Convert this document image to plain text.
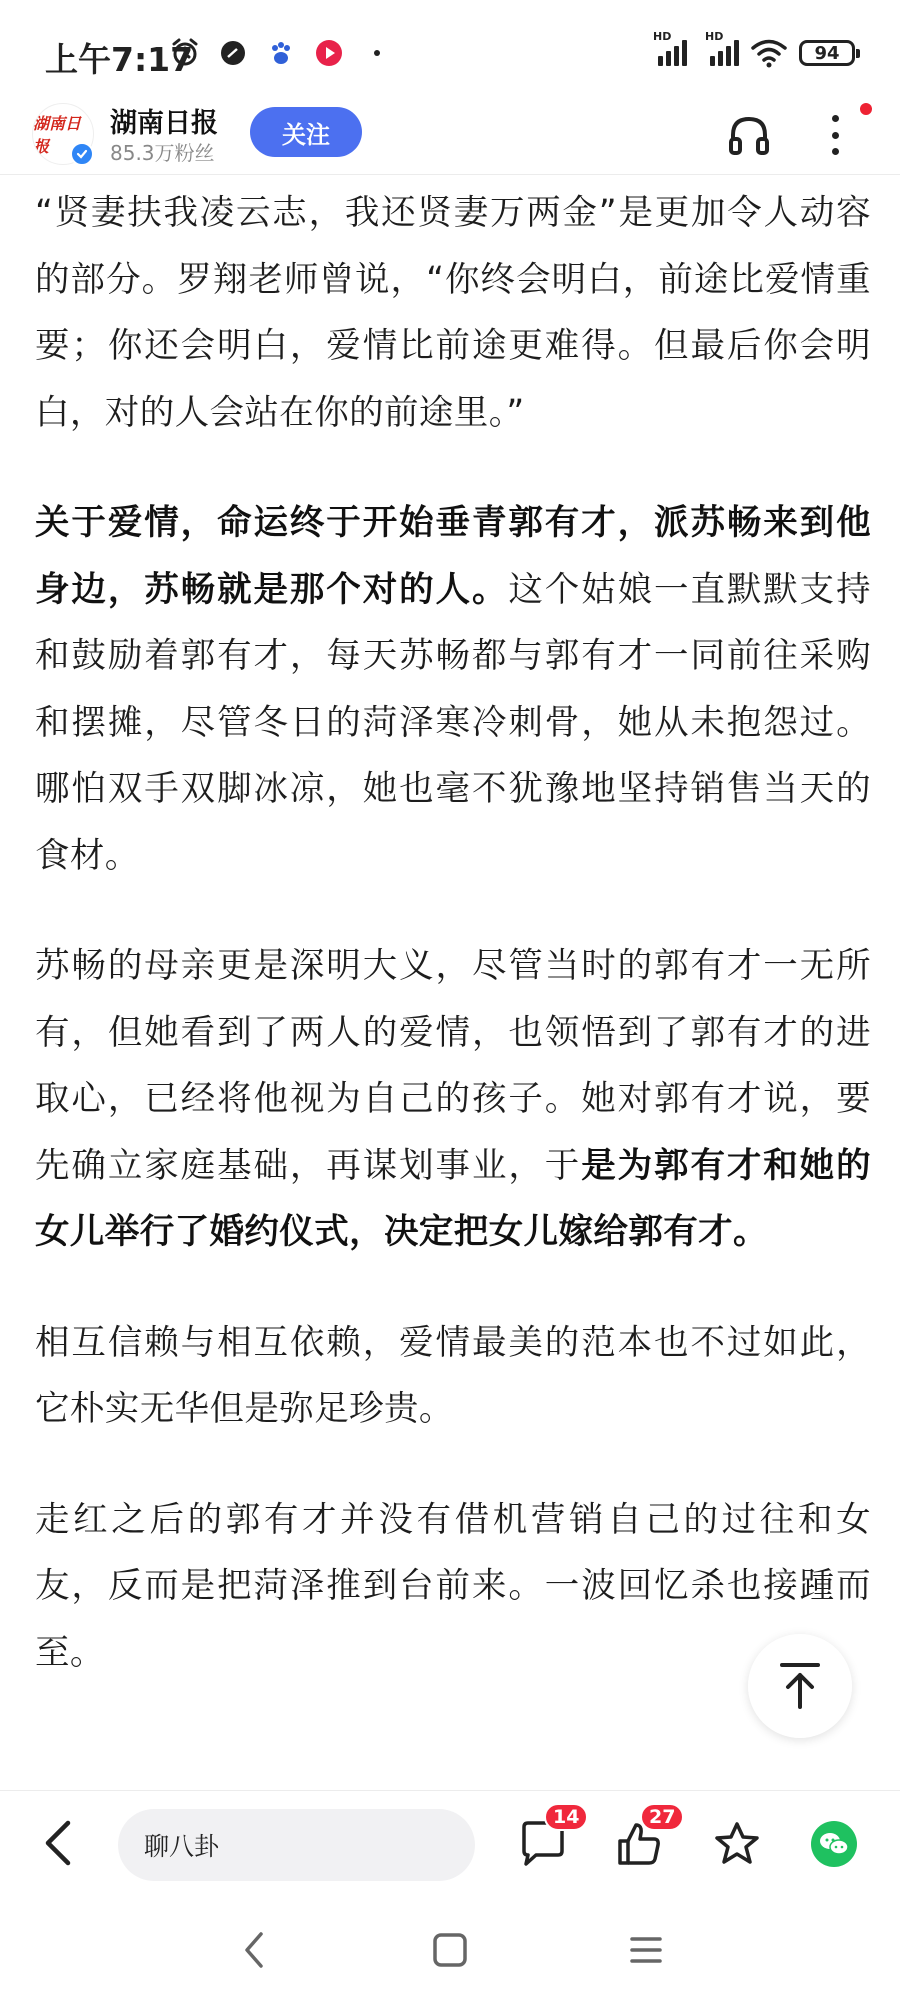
上午7:17
HD	HD
94
湖南日报
湖南日报
85.3万粉丝
关注

“贤妻扶我凌云志，我还贤妻万两金”是更加令人动容的部分。罗翔老师曾说，“你终会明白，前途比爱情重要；你还会明白，爱情比前途更难得。但最后你会明白，对的人会站在你的前途里。”

关于爱情，命运终于开始垂青郭有才，派苏畅来到他身边，苏畅就是那个对的人。这个姑娘一直默默支持和鼓励着郭有才，每天苏畅都与郭有才一同前往采购和摆摊，尽管冬日的菏泽寒冷刺骨，她从未抱怨过。哪怕双手双脚冰凉，她也毫不犹豫地坚持销售当天的食材。

苏畅的母亲更是深明大义，尽管当时的郭有才一无所有，但她看到了两人的爱情，也领悟到了郭有才的进取心，已经将他视为自己的孩子。她对郭有才说，要先确立家庭基础，再谋划事业，于是为郭有才和她的女儿举行了婚约仪式，决定把女儿嫁给郭有才。

相互信赖与相互依赖，爱情最美的范本也不过如此，它朴实无华但是弥足珍贵。

走红之后的郭有才并没有借机营销自己的过往和女友，反而是把菏泽推到台前来。一波回忆杀也接踵而至。

聊八卦
14	27
